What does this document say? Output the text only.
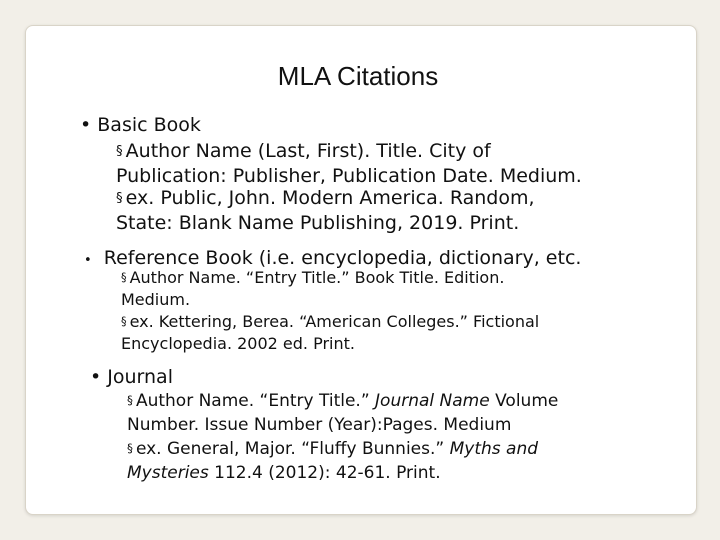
MLA Citations
• Basic Book
§ Author Name (Last, First). Title. City of
Publication: Publisher, Publication Date. Medium.
§ ex. Public, John. Modern America. Random,
State: Blank Name Publishing, 2019. Print.
• Reference Book (i.e. encyclopedia, dictionary, etc.
§ Author Name. “Entry Title.” Book Title. Edition.
Medium.
§ ex. Kettering, Berea. “American Colleges.” Fictional
Encyclopedia. 2002 ed. Print.
• Journal
§ Author Name. “Entry Title.” Journal Name Volume
Number. Issue Number (Year):Pages. Medium
§ ex. General, Major. “Fluffy Bunnies.” Myths and
Mysteries 112.4 (2012): 42-61. Print.
